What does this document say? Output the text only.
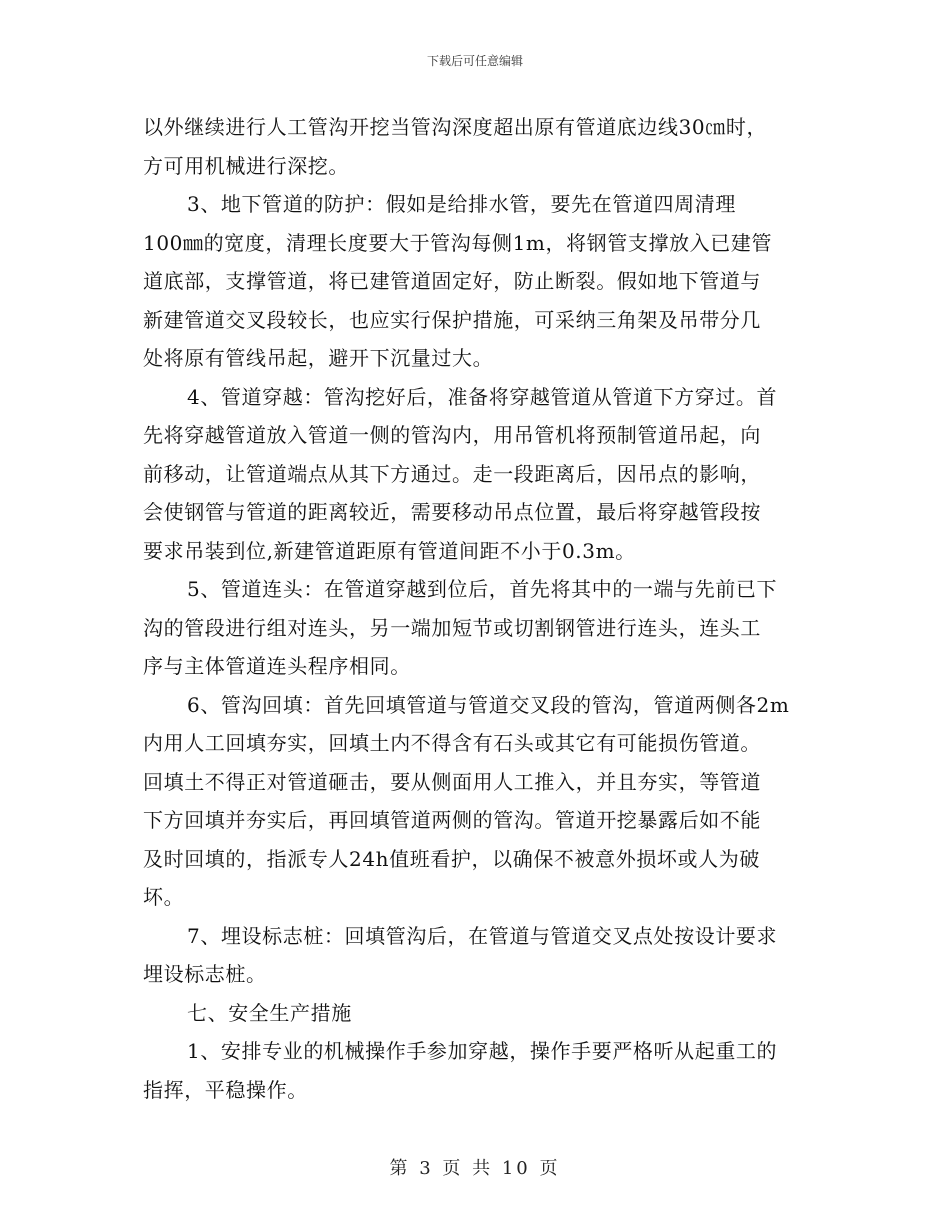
下载后可任意编辑
以外继续进行人工管沟开挖当管沟深度超出原有管道底边线30㎝时，
方可用机械进行深挖。
3、地下管道的防护：假如是给排水管，要先在管道四周清理
100㎜的宽度，清理长度要大于管沟每侧1m，将钢管支撑放入已建管
道底部，支撑管道，将已建管道固定好，防止断裂。假如地下管道与
新建管道交叉段较长，也应实行保护措施，可采纳三角架及吊带分几
处将原有管线吊起，避开下沉量过大。
4、管道穿越：管沟挖好后，准备将穿越管道从管道下方穿过。首
先将穿越管道放入管道一侧的管沟内，用吊管机将预制管道吊起，向
前移动，让管道端点从其下方通过。走一段距离后，因吊点的影响，
会使钢管与管道的距离较近，需要移动吊点位置，最后将穿越管段按
要求吊装到位,新建管道距原有管道间距不小于0.3m。
5、管道连头：在管道穿越到位后，首先将其中的一端与先前已下
沟的管段进行组对连头，另一端加短节或切割钢管进行连头，连头工
序与主体管道连头程序相同。
6、管沟回填：首先回填管道与管道交叉段的管沟，管道两侧各2m
内用人工回填夯实，回填土内不得含有石头或其它有可能损伤管道。
回填土不得正对管道砸击，要从侧面用人工推入，并且夯实，等管道
下方回填并夯实后，再回填管道两侧的管沟。管道开挖暴露后如不能
及时回填的，指派专人24h值班看护，以确保不被意外损坏或人为破
坏。
7、埋设标志桩：回填管沟后，在管道与管道交叉点处按设计要求
埋设标志桩。
七、安全生产措施
1、安排专业的机械操作手参加穿越，操作手要严格听从起重工的
指挥，平稳操作。
第 3 页 共 10 页
